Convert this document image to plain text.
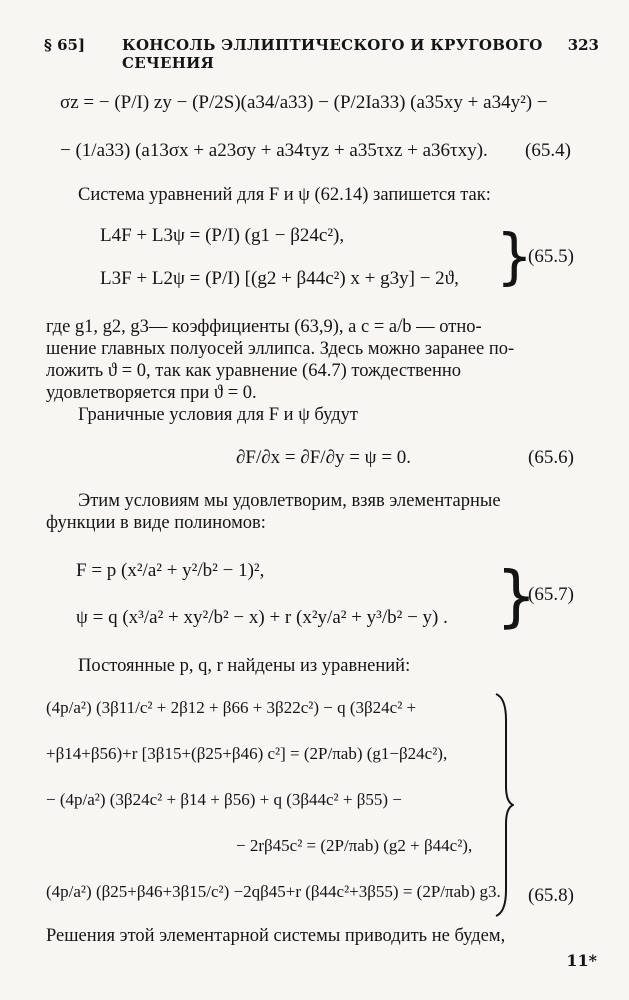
§ 65] КОНСОЛЬ ЭЛЛИПТИЧЕСКОГО И КРУГОВОГО СЕЧЕНИЯ
323
σz = − (P/I) zy − (P/2S)(a34/a33) − (P/2Ia33) (a35xy + a34y²) −
− (1/a33) (a13σx + a23σy + a34τyz + a35τxz + a36τxy). (65.4)
Система уравнений для F и ψ (62.14) запишется так:
L4F + L3ψ = (P/I) (g1 − β24c²),
L3F + L2ψ = (P/I) [(g2 + β44c²) x + g3y] − 2ϑ, }
(65.5)
где g1, g2, g3— коэффициенты (63,9), а c = a/b — отно-
шение главных полуосей эллипса. Здесь можно заранее по-
ложить ϑ = 0, так как уравнение (64.7) тождественно
удовлетворяется при ϑ = 0.
Граничные условия для F и ψ будут
∂F/∂x = ∂F/∂y = ψ = 0.	(65.6)
Этим условиям мы удовлетворим, взяв элементарные
функции в виде полиномов:
F = p (x²/a² + y²/b² − 1)²,
ψ = q (x³/a² + xy²/b² − x) + r (x²y/a² + y³/b² − y) . }
(65.7)
Постоянные p, q, r найдены из уравнений:
(4p/a²) (3β11/c² + 2β12 + β66 + 3β22c²) − q (3β24c² +
+β14+β56)+r [3β15+(β25+β46) c²] = (2P/πab) (g1−β24c²),
− (4p/a²) (3β24c² + β14 + β56) + q (3β44c² + β55) −
− 2rβ45c² = (2P/πab) (g2 + β44c²),
(4p/a²) (β25+β46+3β15/c²) −2qβ45+r (β44c²+3β55) = (2P/πab) g3. (65.8)
Решения этой элементарной системы приводить не будем,
11*
